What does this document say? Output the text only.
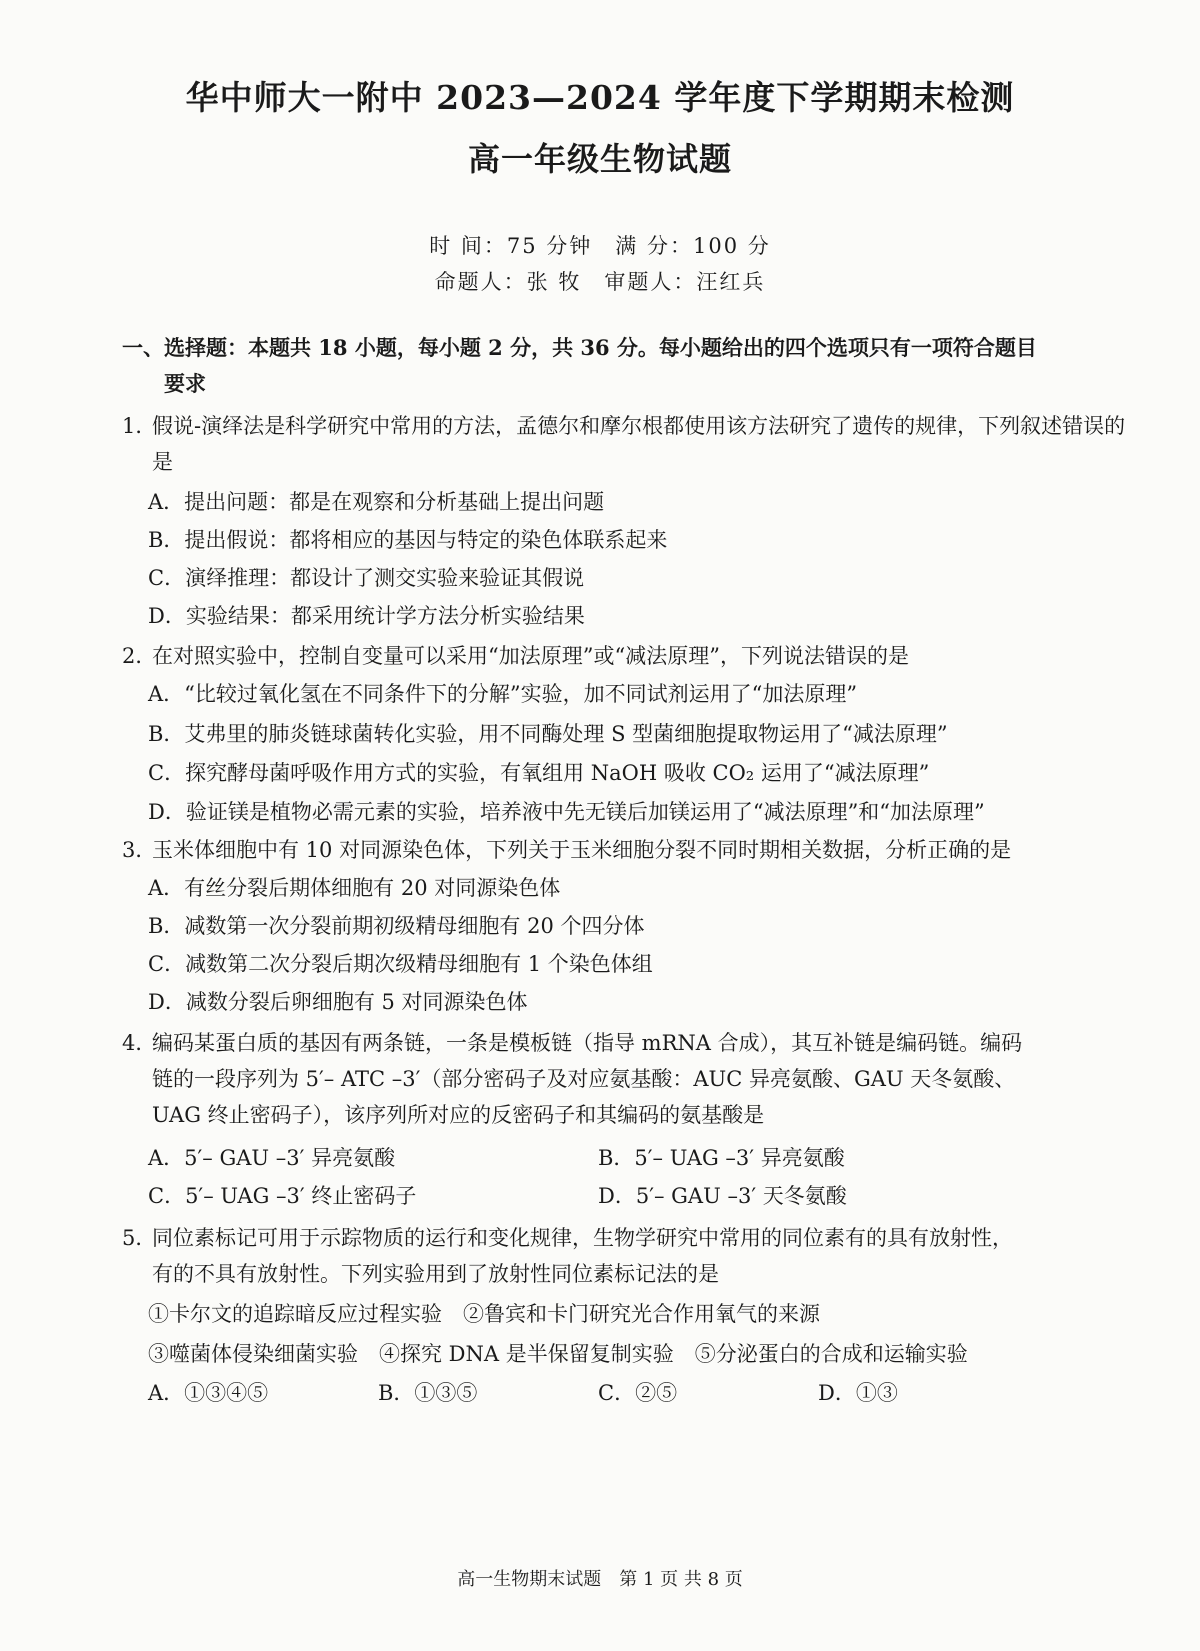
华中师大一附中 2023—2024 学年度下学期期末检测
高一年级生物试题
时 间：75 分钟　满 分：100 分
命题人：张 牧　审题人：汪红兵
一、选择题：本题共 18 小题，每小题 2 分，共 36 分。每小题给出的四个选项只有一项符合题目
要求
1．
假说-演绎法是科学研究中常用的方法，孟德尔和摩尔根都使用该方法研究了遗传的规律，下列叙述错误的是
A．提出问题：都是在观察和分析基础上提出问题
B．提出假说：都将相应的基因与特定的染色体联系起来
C．演绎推理：都设计了测交实验来验证其假说
D．实验结果：都采用统计学方法分析实验结果
2．
在对照实验中，控制自变量可以采用“加法原理”或“减法原理”，下列说法错误的是
A．“比较过氧化氢在不同条件下的分解”实验，加不同试剂运用了“加法原理”
B．艾弗里的肺炎链球菌转化实验，用不同酶处理 S 型菌细胞提取物运用了“减法原理”
C．探究酵母菌呼吸作用方式的实验，有氧组用 NaOH 吸收 CO₂ 运用了“减法原理”
D．验证镁是植物必需元素的实验，培养液中先无镁后加镁运用了“减法原理”和“加法原理”
3．
玉米体细胞中有 10 对同源染色体，下列关于玉米细胞分裂不同时期相关数据，分析正确的是
A．有丝分裂后期体细胞有 20 对同源染色体
B．减数第一次分裂前期初级精母细胞有 20 个四分体
C．减数第二次分裂后期次级精母细胞有 1 个染色体组
D．减数分裂后卵细胞有 5 对同源染色体
4．
编码某蛋白质的基因有两条链，一条是模板链（指导 mRNA 合成），其互补链是编码链。编码
链的一段序列为 5′– ATC –3′（部分密码子及对应氨基酸：AUC 异亮氨酸、GAU 天冬氨酸、
UAG 终止密码子），该序列所对应的反密码子和其编码的氨基酸是
A．5′– GAU –3′ 异亮氨酸	B．5′– UAG –3′ 异亮氨酸
C．5′– UAG –3′ 终止密码子	D．5′– GAU –3′ 天冬氨酸
5．
同位素标记可用于示踪物质的运行和变化规律，生物学研究中常用的同位素有的具有放射性，
有的不具有放射性。下列实验用到了放射性同位素标记法的是
①卡尔文的追踪暗反应过程实验　②鲁宾和卡门研究光合作用氧气的来源
③噬菌体侵染细菌实验　④探究 DNA 是半保留复制实验　⑤分泌蛋白的合成和运输实验
A．①③④⑤	B．①③⑤	C．②⑤	D．①③
高一生物期末试题　第 1 页 共 8 页
